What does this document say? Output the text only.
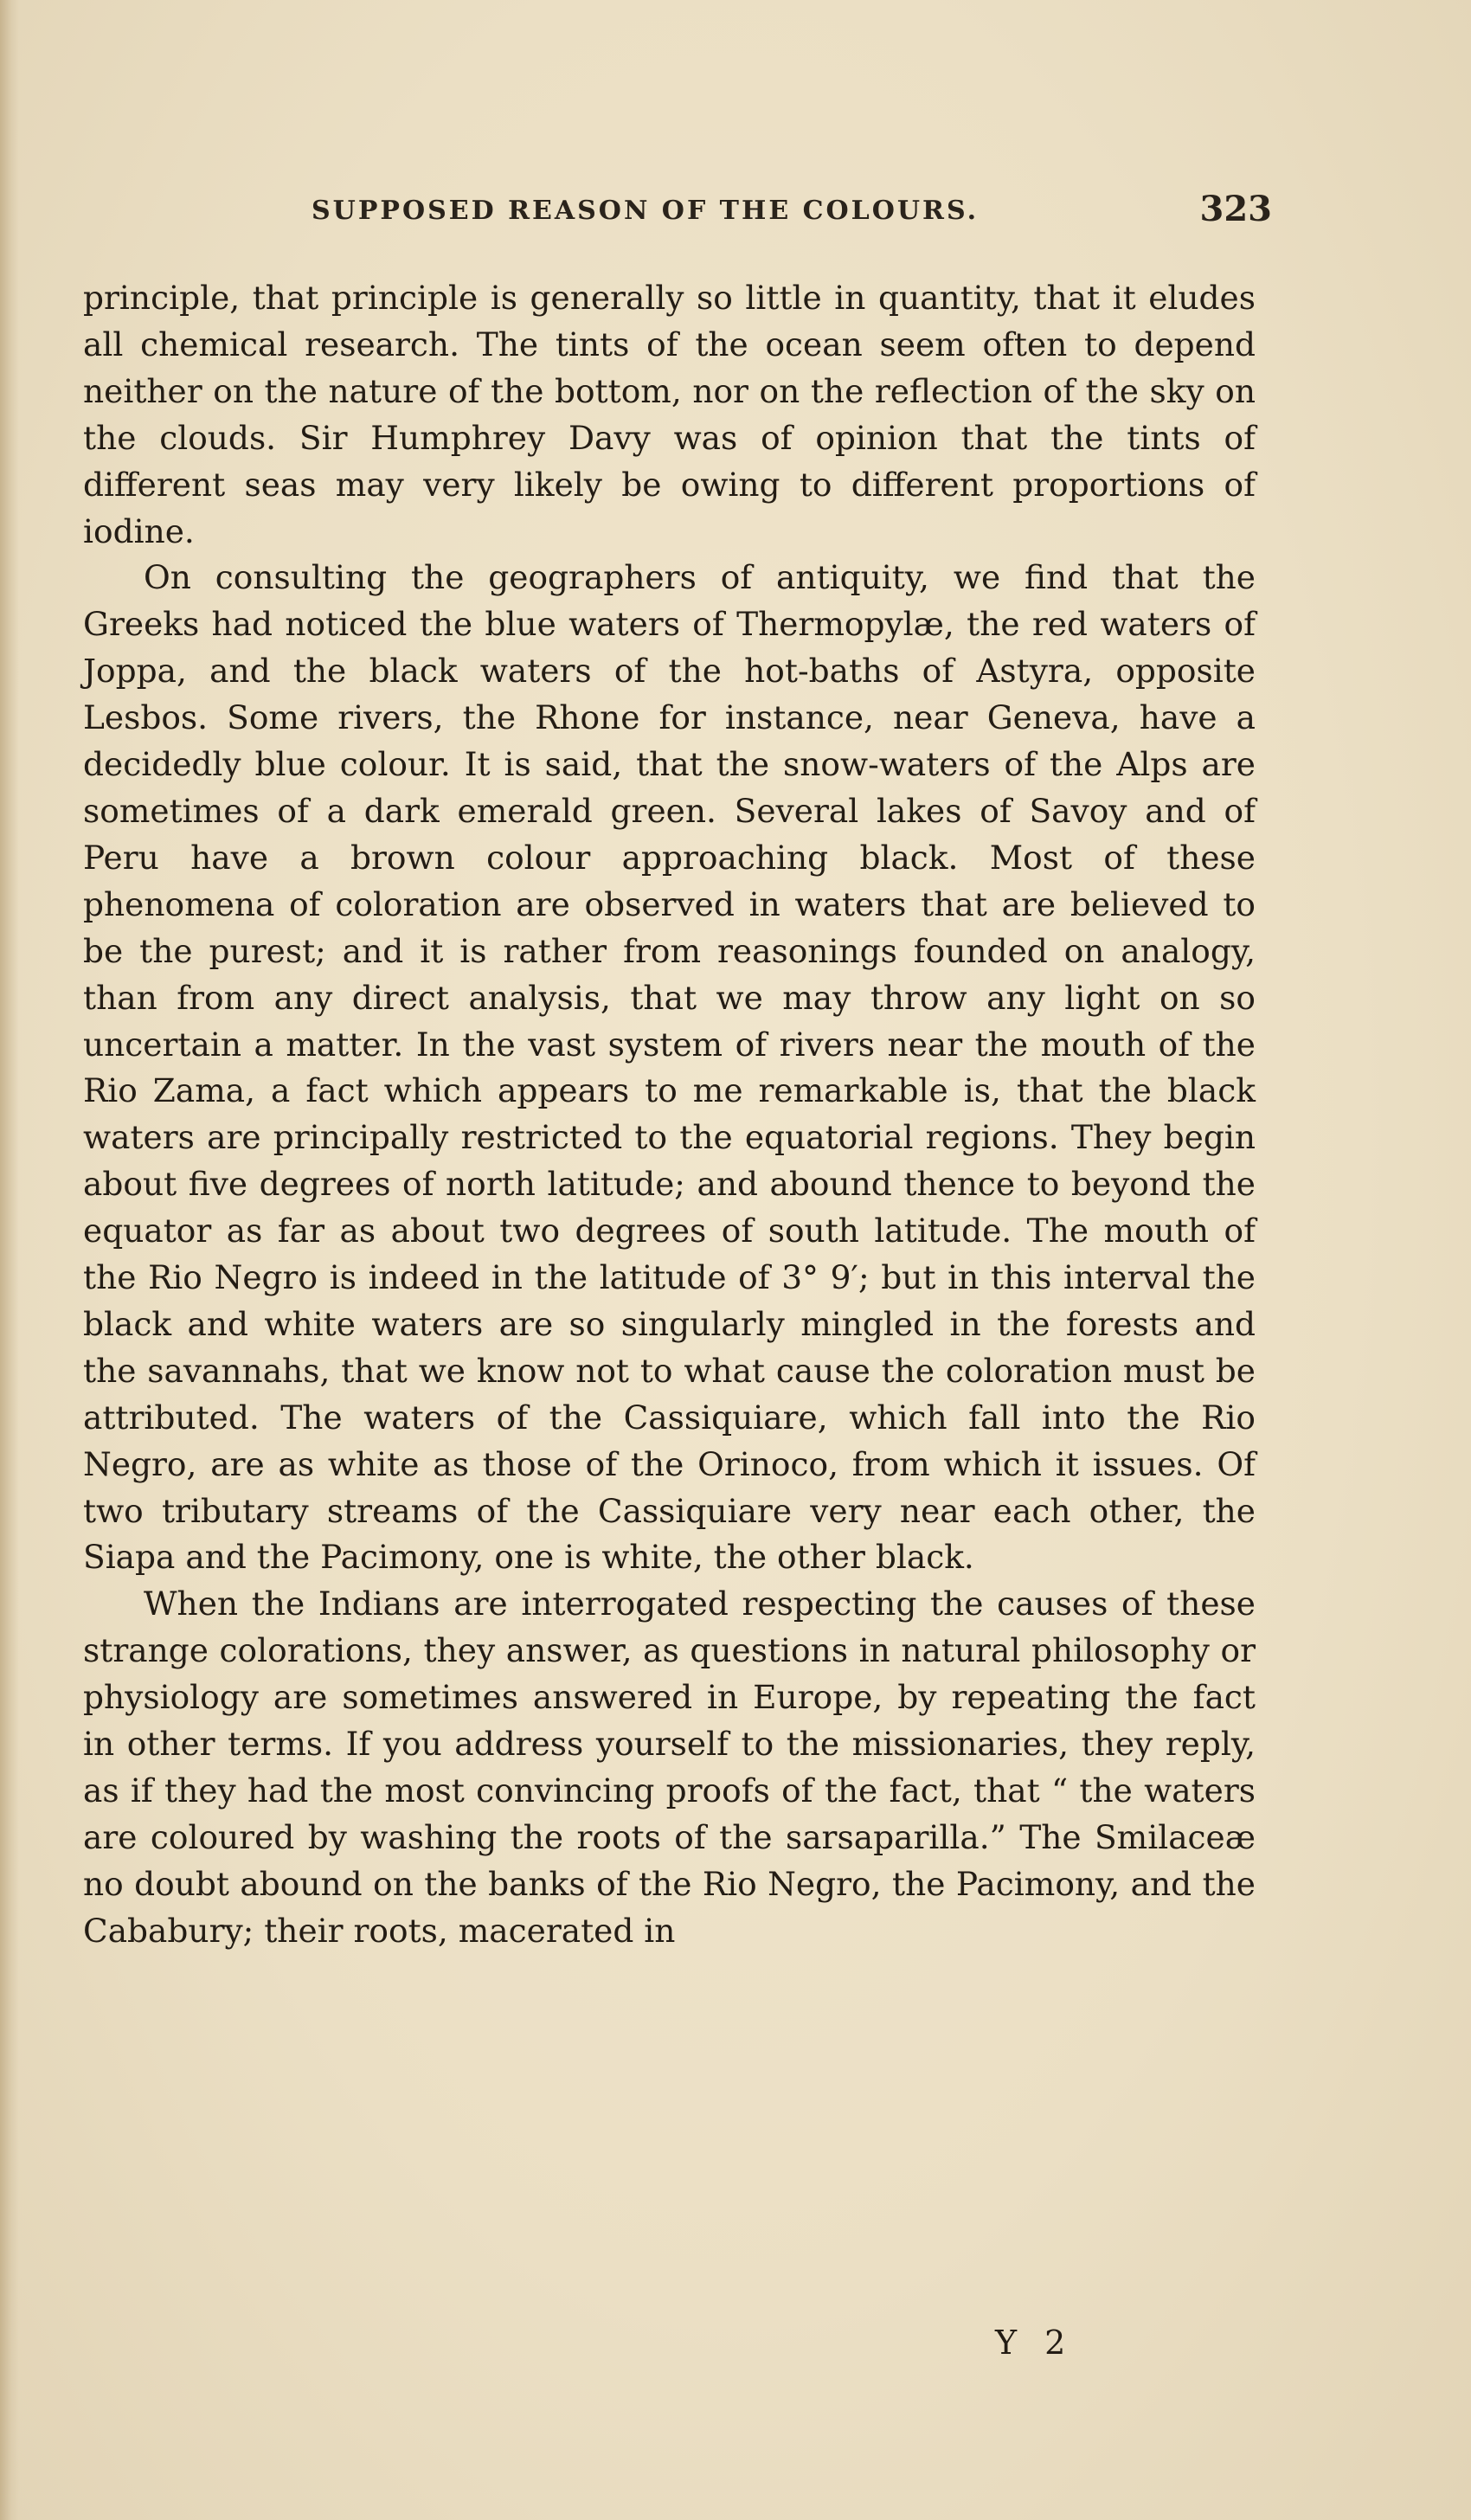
SUPPOSED REASON OF THE COLOURS.	323

principle, that principle is generally so little in quantity, that it eludes all chemical research. The tints of the ocean seem often to depend neither on the nature of the bottom, nor on the reflection of the sky on the clouds. Sir Humphrey Davy was of opinion that the tints of different seas may very likely be owing to different proportions of iodine.

On consulting the geographers of antiquity, we find that the Greeks had noticed the blue waters of Thermopylæ, the red waters of Joppa, and the black waters of the hot-baths of Astyra, opposite Lesbos. Some rivers, the Rhone for instance, near Geneva, have a decidedly blue colour. It is said, that the snow-waters of the Alps are sometimes of a dark emerald green. Several lakes of Savoy and of Peru have a brown colour approaching black. Most of these phenomena of coloration are observed in waters that are believed to be the purest; and it is rather from reasonings founded on analogy, than from any direct analysis, that we may throw any light on so uncertain a matter. In the vast system of rivers near the mouth of the Rio Zama, a fact which appears to me remarkable is, that the black waters are principally restricted to the equatorial regions. They begin about five degrees of north latitude; and abound thence to beyond the equator as far as about two degrees of south latitude. The mouth of the Rio Negro is indeed in the latitude of 3° 9′; but in this interval the black and white waters are so singularly mingled in the forests and the savannahs, that we know not to what cause the coloration must be attributed. The waters of the Cassiquiare, which fall into the Rio Negro, are as white as those of the Orinoco, from which it issues. Of two tributary streams of the Cassiquiare very near each other, the Siapa and the Pacimony, one is white, the other black.

When the Indians are interrogated respecting the causes of these strange colorations, they answer, as questions in natural philosophy or physiology are sometimes answered in Europe, by repeating the fact in other terms. If you address yourself to the missionaries, they reply, as if they had the most convincing proofs of the fact, that “ the waters are coloured by washing the roots of the sarsaparilla.” The Smilaceæ no doubt abound on the banks of the Rio Negro, the Pacimony, and the Cababury; their roots, macerated in

Y 2
